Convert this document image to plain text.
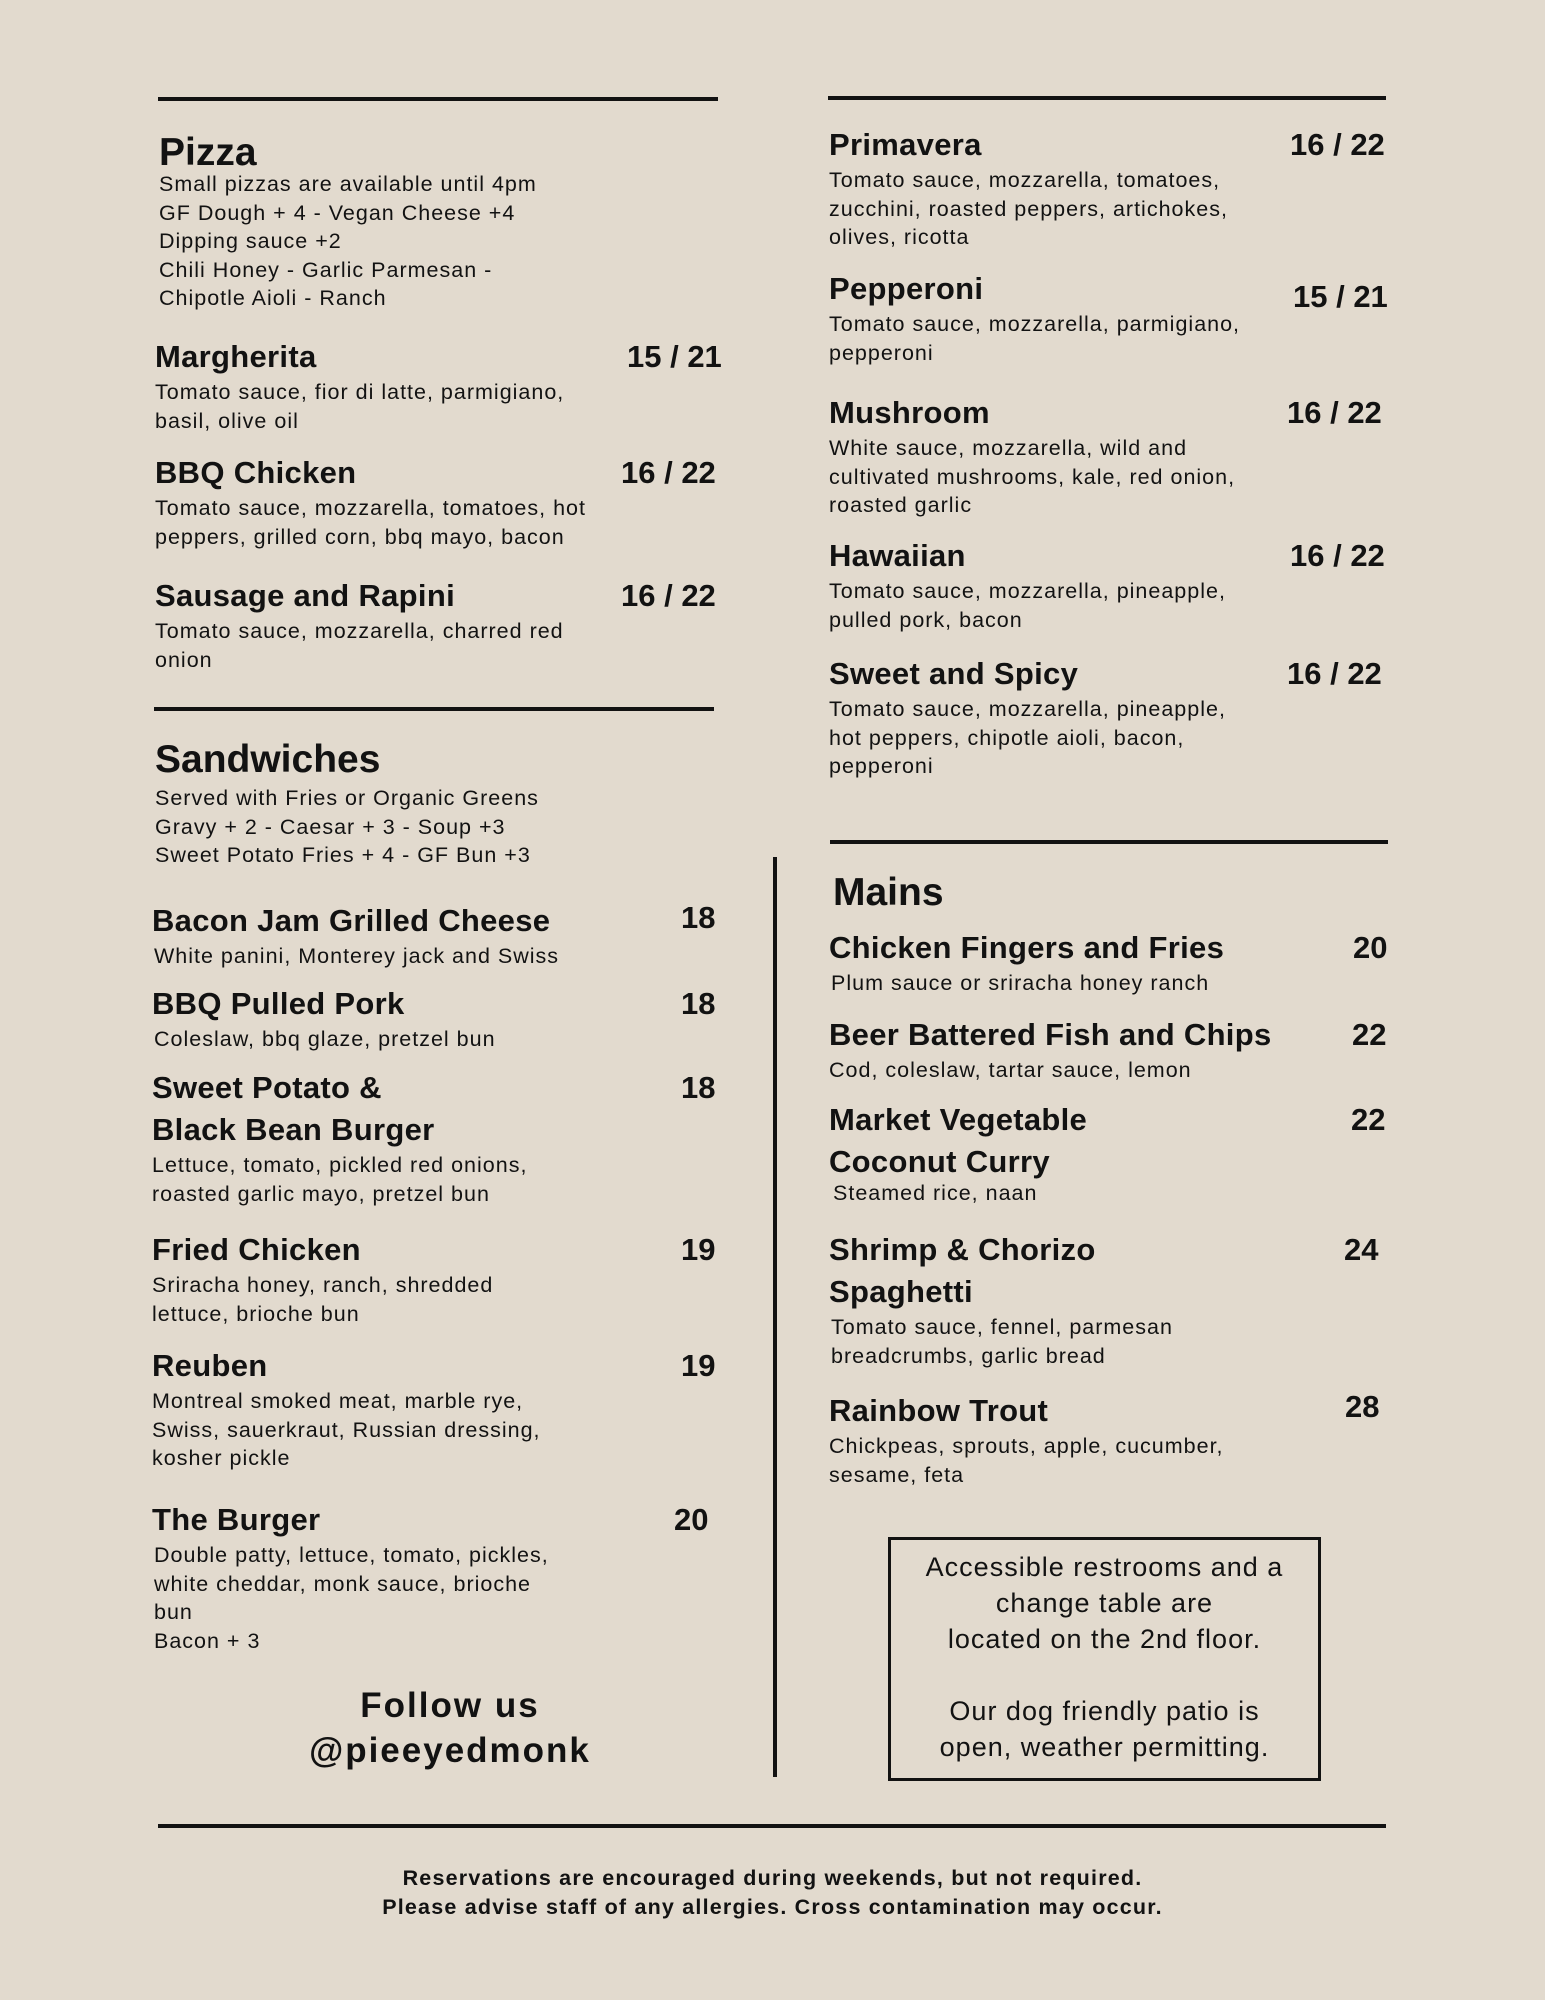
Pizza
Small pizzas are available until 4pm
GF Dough + 4 - Vegan Cheese +4
Dipping sauce +2
Chili Honey - Garlic Parmesan -
Chipotle Aioli - Ranch
Margherita	15 / 21
Tomato sauce, fior di latte, parmigiano,
basil, olive oil
BBQ Chicken	16 / 22
Tomato sauce, mozzarella, tomatoes, hot
peppers, grilled corn, bbq mayo, bacon
Sausage and Rapini	16 / 22
Tomato sauce, mozzarella, charred red
onion
Primavera	16 / 22
Tomato sauce, mozzarella, tomatoes,
zucchini, roasted peppers, artichokes,
olives, ricotta
Pepperoni	15 / 21
Tomato sauce, mozzarella, parmigiano,
pepperoni
Mushroom	16 / 22
White sauce, mozzarella, wild and
cultivated mushrooms, kale, red onion,
roasted garlic
Hawaiian	16 / 22
Tomato sauce, mozzarella, pineapple,
pulled pork, bacon
Sweet and Spicy	16 / 22
Tomato sauce, mozzarella, pineapple,
hot peppers, chipotle aioli, bacon,
pepperoni
Sandwiches
Served with Fries or Organic Greens
Gravy + 2 - Caesar + 3 - Soup +3
Sweet Potato Fries + 4 - GF Bun +3
Bacon Jam Grilled Cheese	18
White panini, Monterey jack and Swiss
BBQ Pulled Pork	18
Coleslaw, bbq glaze, pretzel bun
Sweet Potato &
Black Bean Burger
18
Lettuce, tomato, pickled red onions,
roasted garlic mayo, pretzel bun
Fried Chicken	19
Sriracha honey, ranch, shredded
lettuce, brioche bun
Reuben	19
Montreal smoked meat, marble rye,
Swiss, sauerkraut, Russian dressing,
kosher pickle
The Burger	20
Double patty, lettuce, tomato, pickles,
white cheddar, monk sauce, brioche
bun
Bacon + 3
Follow us
@pieeyedmonk
Mains
Chicken Fingers and Fries	20
Plum sauce or sriracha honey ranch
Beer Battered Fish and Chips	22
Cod, coleslaw, tartar sauce, lemon
Market Vegetable
Coconut Curry
22
Steamed rice, naan
Shrimp & Chorizo
Spaghetti
24
Tomato sauce, fennel, parmesan
breadcrumbs, garlic bread
Rainbow Trout	28
Chickpeas, sprouts, apple, cucumber,
sesame, feta
Accessible restrooms and a
change table are
located on the 2nd floor.
Our dog friendly patio is
open, weather permitting.
Reservations are encouraged during weekends, but not required.
Please advise staff of any allergies. Cross contamination may occur.
